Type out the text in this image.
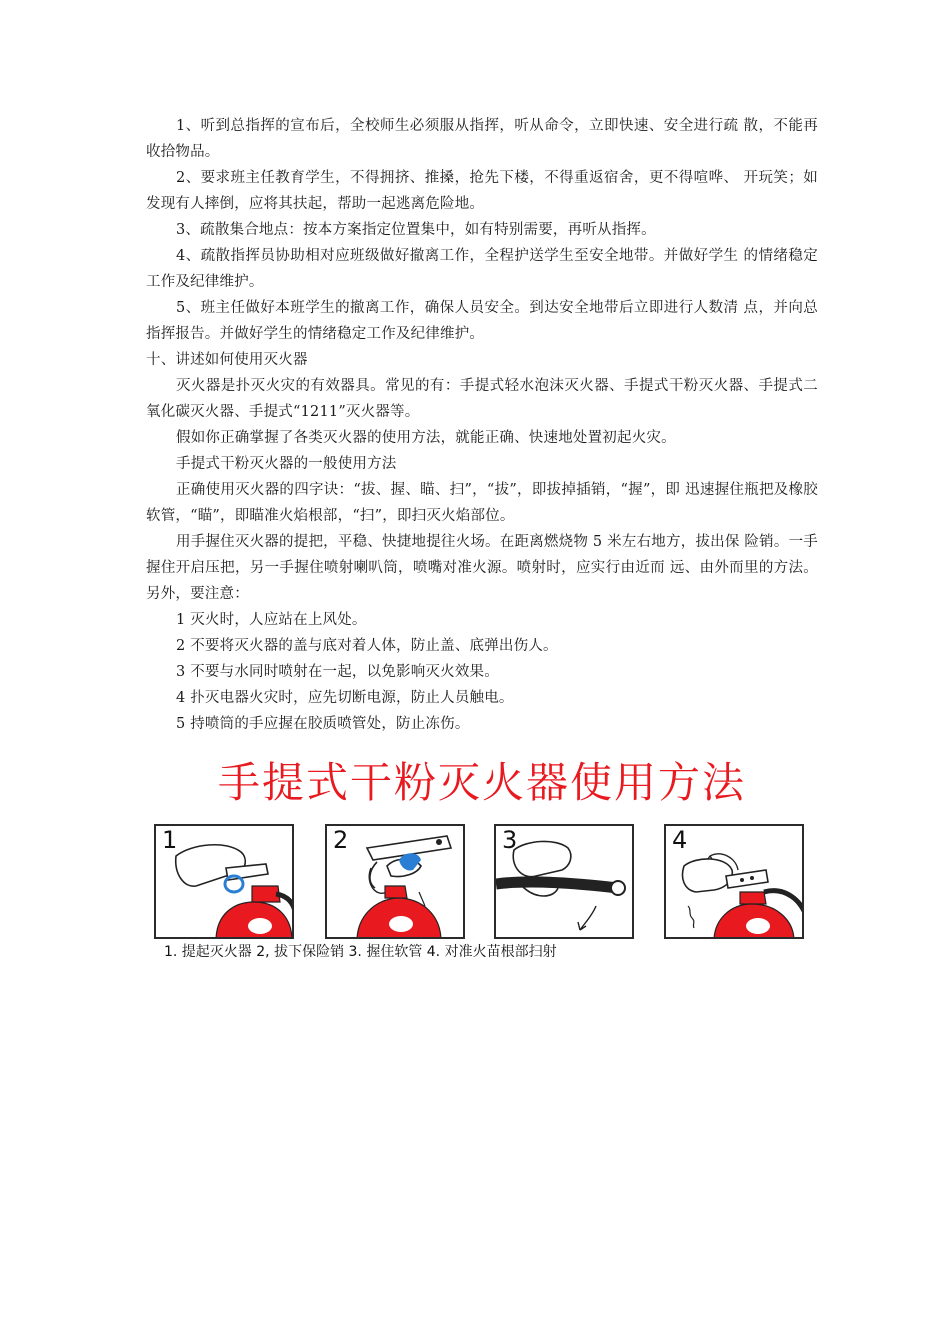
1、听到总指挥的宣布后，全校师生必须服从指挥，听从命令，立即快速、安全进行疏 散，不能再收拾物品。

2、要求班主任教育学生，不得拥挤、推搡，抢先下楼，不得重返宿舍，更不得喧哗、 开玩笑；如发现有人摔倒，应将其扶起，帮助一起逃离危险地。

3、疏散集合地点：按本方案指定位置集中，如有特别需要，再听从指挥。

4、疏散指挥员协助相对应班级做好撤离工作，全程护送学生至安全地带。并做好学生 的情绪稳定工作及纪律维护。

5、班主任做好本班学生的撤离工作，确保人员安全。到达安全地带后立即进行人数清 点，并向总指挥报告。并做好学生的情绪稳定工作及纪律维护。

十、讲述如何使用灭火器

灭火器是扑灭火灾的有效器具。常见的有：手提式轻水泡沫灭火器、手提式干粉灭火器、手提式二氧化碳灭火器、手提式“1211”灭火器等。

假如你正确掌握了各类灭火器的使用方法，就能正确、快速地处置初起火灾。

手提式干粉灭火器的一般使用方法

正确使用灭火器的四字诀：“拔、握、瞄、扫”，“拔”，即拔掉插销，“握”，即 迅速握住瓶把及橡胶软管，“瞄”，即瞄准火焰根部，“扫”，即扫灭火焰部位。

用手握住灭火器的提把，平稳、快捷地提往火场。在距离燃烧物 5 米左右地方，拔出保 险销。一手握住开启压把，另一手握住喷射喇叭筒，喷嘴对准火源。喷射时，应实行由近而 远、由外而里的方法。另外，要注意：

1 灭火时，人应站在上风处。

2 不要将灭火器的盖与底对着人体，防止盖、底弹出伤人。

3 不要与水同时喷射在一起，以免影响灭火效果。

4 扑灭电器火灾时，应先切断电源，防止人员触电。

5 持喷筒的手应握在胶质喷管处，防止冻伤。

手提式干粉灭火器使用方法
1	2	3	4
1. 提起灭火器 2, 拔下保险销 3. 握住软管 4. 对准火苗根部扫射
